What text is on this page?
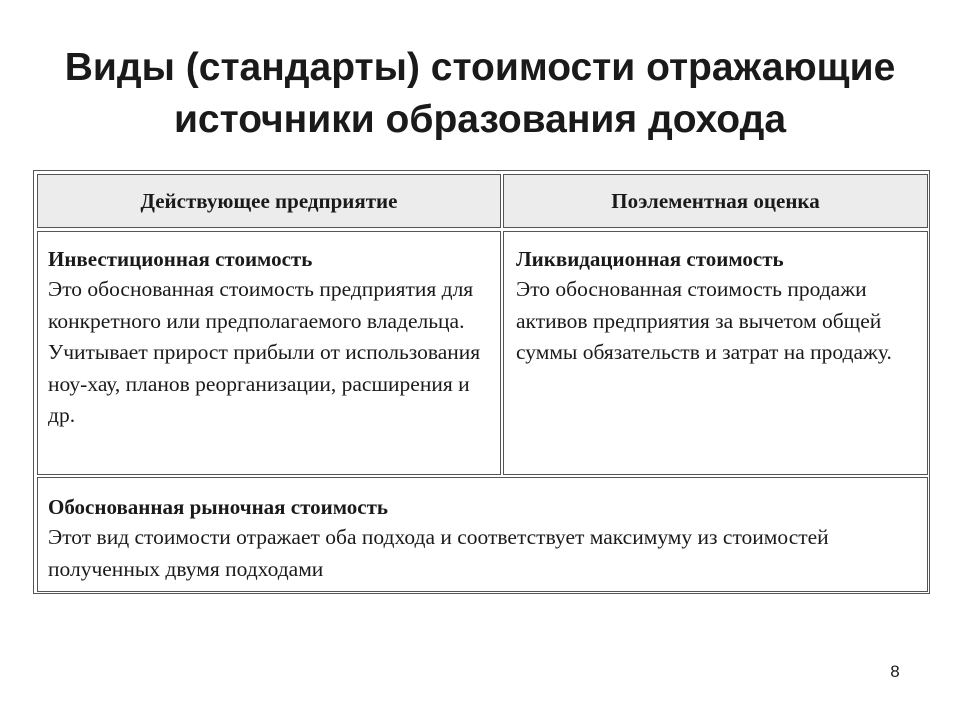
Виды (стандарты) стоимости отражающие
источники образования дохода
Действующее предприятие	Поэлементная оценка

Инвестиционная стоимость

Это обоснованная стоимость предприятия для конкретного или предполагаемого владельца. Учитывает прирост прибыли от использования ноу-хау, планов реорганизации, расширения и др.

Ликвидационная стоимость

Это обоснованная стоимость продажи активов предприятия за вычетом общей суммы обязательств и затрат на продажу.

Обоснованная рыночная стоимость

Этот вид стоимости отражает оба подхода и соответствует максимуму из стоимостей полученных двумя подходами

8
